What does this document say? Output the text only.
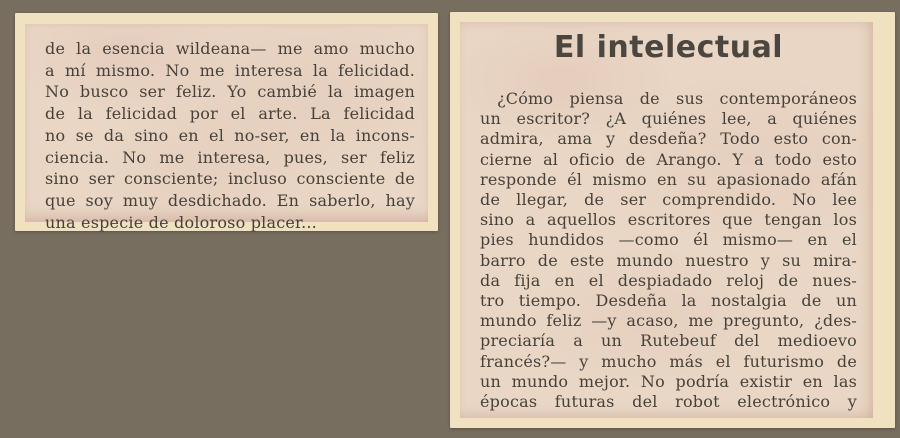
de la esencia wildeana— me amo mucho
a mí mismo. No me interesa la felicidad.
No busco ser feliz. Yo cambié la imagen
de la felicidad por el arte. La felicidad
no se da sino en el no-ser, en la incons-
ciencia. No me interesa, pues, ser feliz
sino ser consciente; incluso consciente de
que soy muy desdichado. En saberlo, hay
una especie de doloroso placer...
El intelectual
¿Cómo piensa de sus contemporáneos
un escritor? ¿A quiénes lee, a quiénes
admira, ama y desdeña? Todo esto con-
cierne al oficio de Arango. Y a todo esto
responde él mismo en su apasionado afán
de llegar, de ser comprendido. No lee
sino a aquellos escritores que tengan los
pies hundidos —como él mismo— en el
barro de este mundo nuestro y su mira-
da fija en el despiadado reloj de nues-
tro tiempo. Desdeña la nostalgia de un
mundo feliz —y acaso, me pregunto, ¿des-
preciaría a un Rutebeuf del medioevo
francés?— y mucho más el futurismo de
un mundo mejor. No podría existir en las
épocas futuras del robot electrónico y
